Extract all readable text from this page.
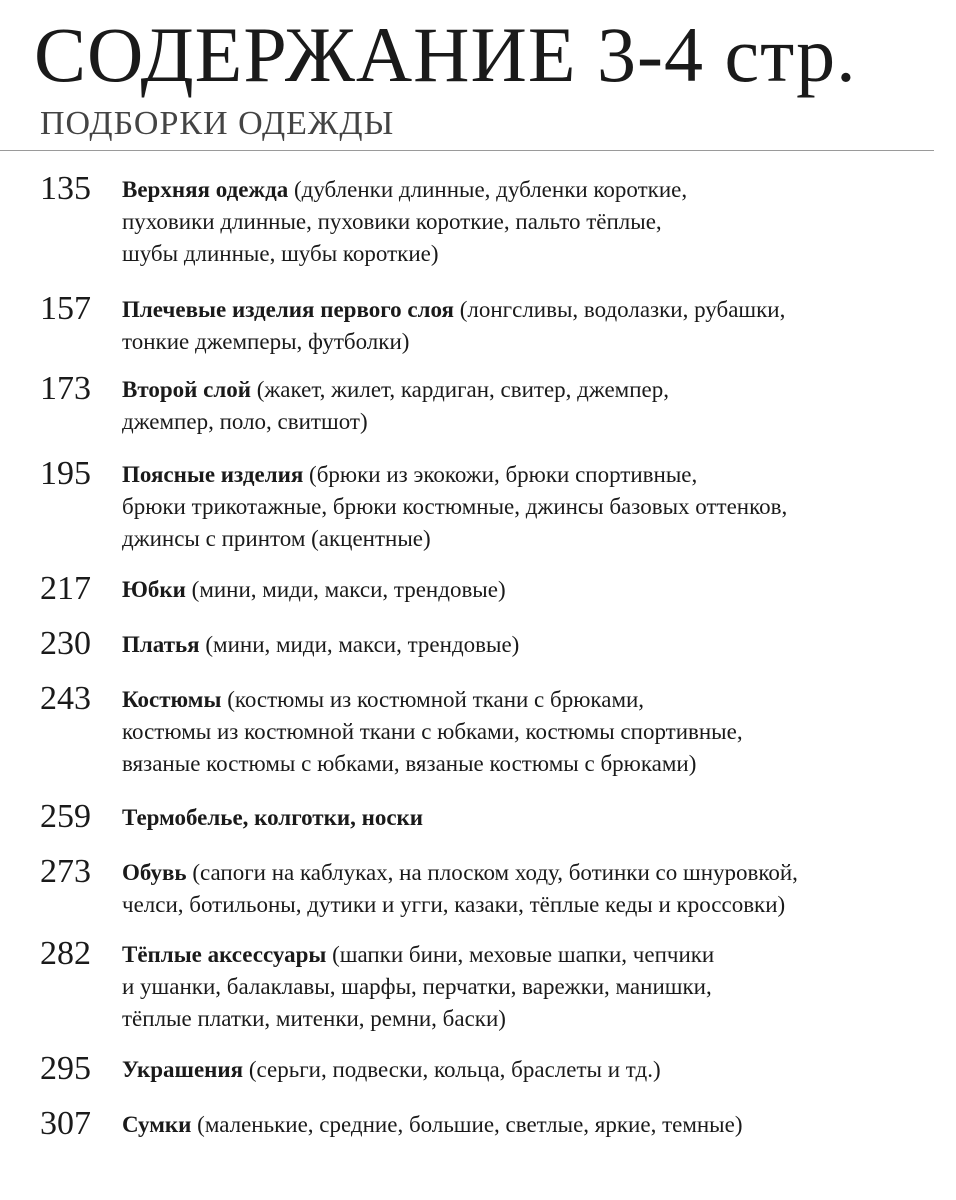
СОДЕРЖАНИЕ 3-4 стр.
ПОДБОРКИ ОДЕЖДЫ
135	Верхняя одежда (дубленки длинные, дубленки короткие,
пуховики длинные, пуховики короткие, пальто тёплые,
шубы длинные, шубы короткие)
157	Плечевые изделия первого слоя (лонгсливы, водолазки, рубашки,
тонкие джемперы, футболки)
173	Второй слой (жакет, жилет, кардиган, свитер, джемпер,
джемпер, поло, свитшот)
195	Поясные изделия (брюки из экокожи, брюки спортивные,
брюки трикотажные, брюки костюмные, джинсы базовых оттенков,
джинсы с принтом (акцентные)
217	Юбки (мини, миди, макси, трендовые)
230	Платья (мини, миди, макси, трендовые)
243	Костюмы (костюмы из костюмной ткани с брюками,
костюмы из костюмной ткани с юбками, костюмы спортивные,
вязаные костюмы с юбками, вязаные костюмы с брюками)
259	Термобелье, колготки, носки
273	Обувь (сапоги на каблуках, на плоском ходу, ботинки со шнуровкой,
челси, ботильоны, дутики и угги, казаки, тёплые кеды и кроссовки)
282	Тёплые аксессуары (шапки бини, меховые шапки, чепчики
и ушанки, балаклавы, шарфы, перчатки, варежки, манишки,
тёплые платки, митенки, ремни, баски)
295	Украшения (серьги, подвески, кольца, браслеты и тд.)
307	Сумки (маленькие, средние, большие, светлые, яркие, темные)
